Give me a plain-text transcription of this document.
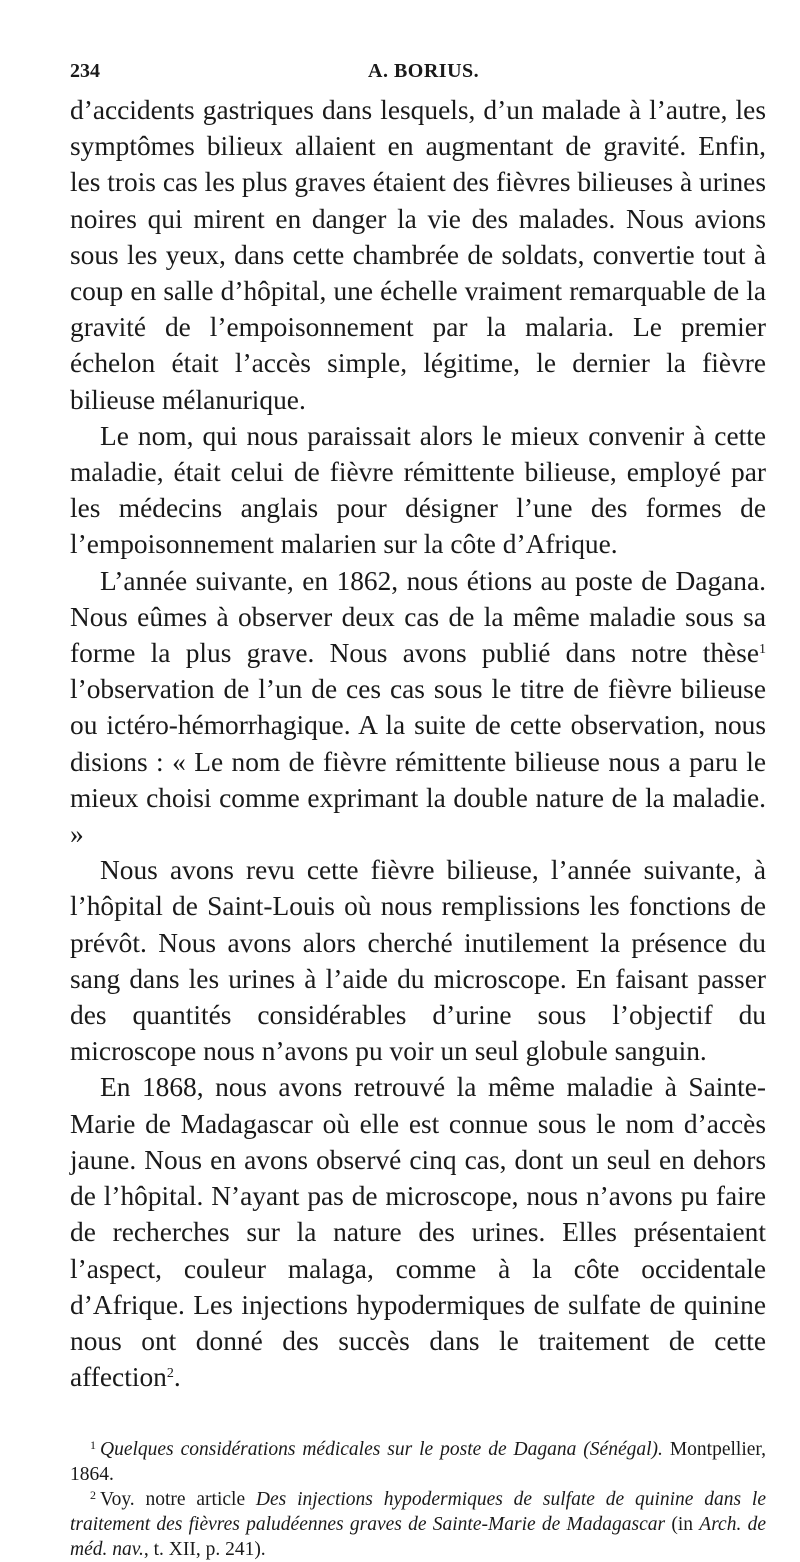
234	A. BORIUS.

d’accidents gastriques dans lesquels, d’un malade à l’autre, les symptômes bilieux allaient en augmentant de gravité. Enfin, les trois cas les plus graves étaient des fièvres bilieuses à urines noires qui mirent en danger la vie des malades. Nous avions sous les yeux, dans cette chambrée de soldats, convertie tout à coup en salle d’hôpital, une échelle vraiment remarquable de la gravité de l’empoisonnement par la malaria. Le premier échelon était l’accès simple, légitime, le dernier la fièvre bilieuse mélanurique.

Le nom, qui nous paraissait alors le mieux convenir à cette maladie, était celui de fièvre rémittente bilieuse, employé par les médecins anglais pour désigner l’une des formes de l’empoisonnement malarien sur la côte d’Afrique.

L’année suivante, en 1862, nous étions au poste de Dagana. Nous eûmes à observer deux cas de la même maladie sous sa forme la plus grave. Nous avons publié dans notre thèse$^1$ l’observation de l’un de ces cas sous le titre de fièvre bilieuse ou ictéro-hémorrhagique. A la suite de cette observation, nous disions : « Le nom de fièvre rémittente bilieuse nous a paru le mieux choisi comme exprimant la double nature de la maladie. »

Nous avons revu cette fièvre bilieuse, l’année suivante, à l’hôpital de Saint-Louis où nous remplissions les fonctions de prévôt. Nous avons alors cherché inutilement la présence du sang dans les urines à l’aide du microscope. En faisant passer des quantités considérables d’urine sous l’objectif du microscope nous n’avons pu voir un seul globule sanguin.

En 1868, nous avons retrouvé la même maladie à Sainte-Marie de Madagascar où elle est connue sous le nom d’accès jaune. Nous en avons observé cinq cas, dont un seul en dehors de l’hôpital. N’ayant pas de microscope, nous n’avons pu faire de recherches sur la nature des urines. Elles présentaient l’aspect, couleur malaga, comme à la côte occidentale d’Afrique. Les injections hypodermiques de sulfate de quinine nous ont donné des succès dans le traitement de cette affection$^2$.

$^1$ Quelques considérations médicales sur le poste de Dagana (Sénégal). Montpellier, 1864.

$^2$ Voy. notre article Des injections hypodermiques de sulfate de quinine dans le traitement des fièvres paludéennes graves de Sainte-Marie de Madagascar (in Arch. de méd. nav., t. XII, p. 241).
